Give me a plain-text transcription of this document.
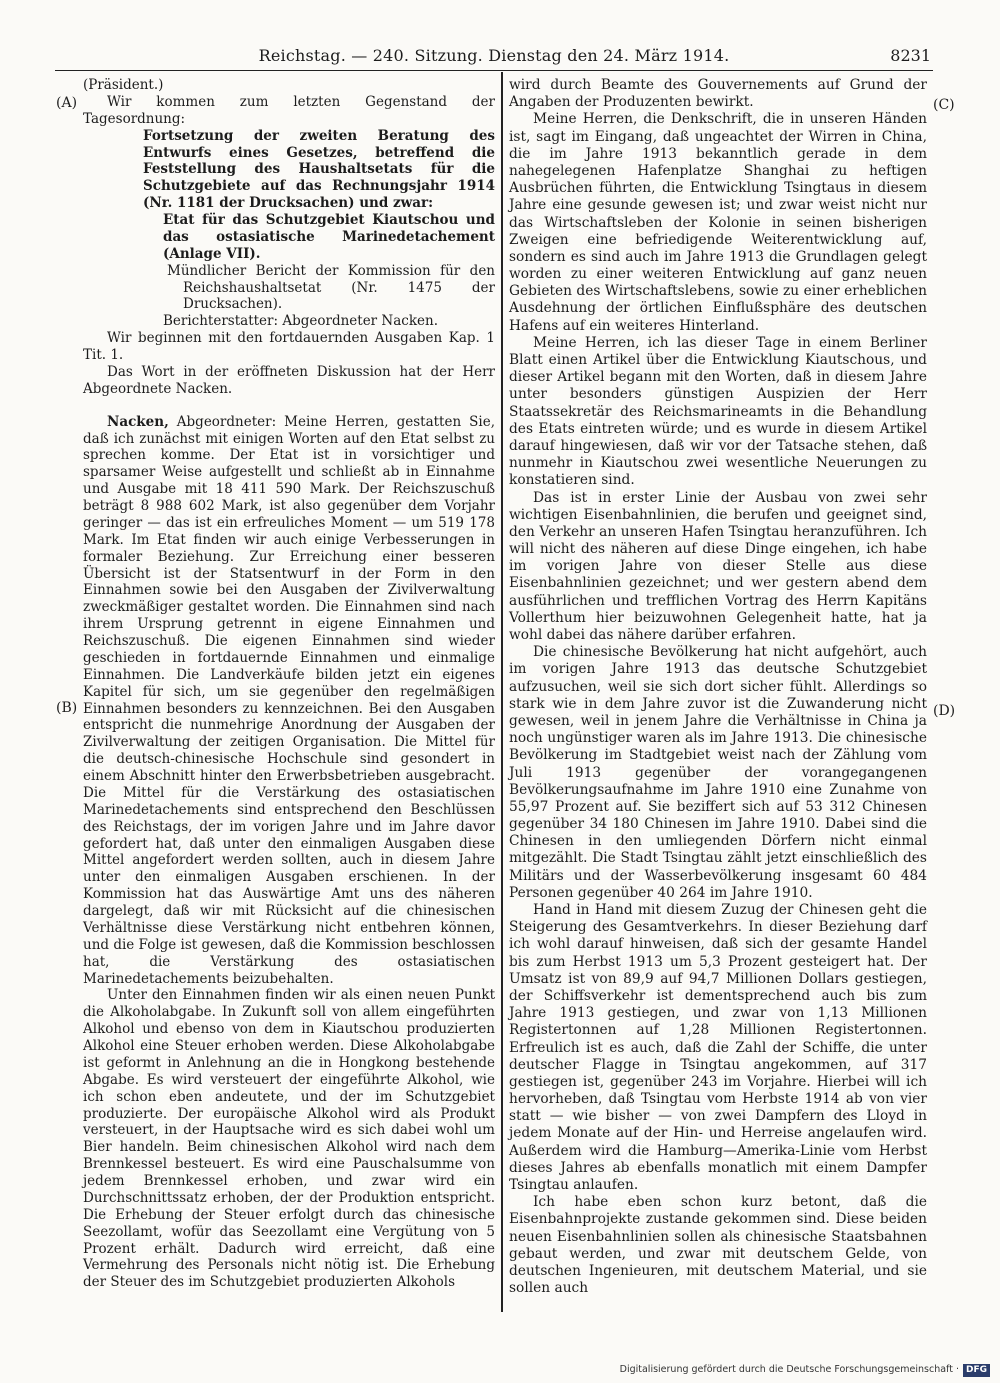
Reichstag. — 240. Sitzung. Dienstag den 24. März 1914.	8231
(A)
(B)
(C)
(D)

(Präsident.)

Wir kommen zum letzten Gegenstand der Tagesordnung:

Fortsetzung der zweiten Beratung des Entwurfs eines Gesetzes, betreffend die Feststellung des Haushaltsetats für die Schutzgebiete auf das Rechnungsjahr 1914 (Nr. 1181 der Drucksachen) und zwar:

Etat für das Schutzgebiet Kiautschou und das ostasiatische Marinedetachement (Anlage VII).

Mündlicher Bericht der Kommission für den Reichshaushaltsetat (Nr. 1475 der Drucksachen).

Berichterstatter: Abgeordneter Nacken.

Wir beginnen mit den fortdauernden Ausgaben Kap. 1 Tit. 1.

Das Wort in der eröffneten Diskussion hat der Herr Abgeordnete Nacken.

Nacken, Abgeordneter: Meine Herren, gestatten Sie, daß ich zunächst mit einigen Worten auf den Etat selbst zu sprechen komme. Der Etat ist in vorsichtiger und sparsamer Weise aufgestellt und schließt ab in Einnahme und Ausgabe mit 18 411 590 Mark. Der Reichszuschuß beträgt 8 988 602 Mark, ist also gegenüber dem Vorjahr geringer — das ist ein erfreuliches Moment — um 519 178 Mark. Im Etat finden wir auch einige Verbesserungen in formaler Beziehung. Zur Erreichung einer besseren Übersicht ist der Statsentwurf in der Form in den Einnahmen sowie bei den Ausgaben der Zivilverwaltung zweckmäßiger gestaltet worden. Die Einnahmen sind nach ihrem Ursprung getrennt in eigene Einnahmen und Reichszuschuß. Die eigenen Einnahmen sind wieder geschieden in fortdauernde Einnahmen und einmalige Einnahmen. Die Landverkäufe bilden jetzt ein eigenes Kapitel für sich, um sie gegenüber den regelmäßigen Einnahmen besonders zu kennzeichnen. Bei den Ausgaben entspricht die nunmehrige Anordnung der Ausgaben der Zivilverwaltung der zeitigen Organisation. Die Mittel für die deutsch-chinesische Hochschule sind gesondert in einem Abschnitt hinter den Erwerbsbetrieben ausgebracht. Die Mittel für die Verstärkung des ostasiatischen Marinedetachements sind entsprechend den Beschlüssen des Reichstags, der im vorigen Jahre und im Jahre davor gefordert hat, daß unter den einmaligen Ausgaben diese Mittel angefordert werden sollten, auch in diesem Jahre unter den einmaligen Ausgaben erschienen. In der Kommission hat das Auswärtige Amt uns des näheren dargelegt, daß wir mit Rücksicht auf die chinesischen Verhältnisse diese Verstärkung nicht entbehren können, und die Folge ist gewesen, daß die Kommission beschlossen hat, die Verstärkung des ostasiatischen Marinedetachements beizubehalten.

Unter den Einnahmen finden wir als einen neuen Punkt die Alkoholabgabe. In Zukunft soll von allem eingeführten Alkohol und ebenso von dem in Kiautschou produzierten Alkohol eine Steuer erhoben werden. Diese Alkoholabgabe ist geformt in Anlehnung an die in Hongkong bestehende Abgabe. Es wird versteuert der eingeführte Alkohol, wie ich schon eben andeutete, und der im Schutzgebiet produzierte. Der europäische Alkohol wird als Produkt versteuert, in der Hauptsache wird es sich dabei wohl um Bier handeln. Beim chinesischen Alkohol wird nach dem Brennkessel besteuert. Es wird eine Pauschalsumme von jedem Brennkessel erhoben, und zwar wird ein Durchschnittssatz erhoben, der der Produktion entspricht. Die Erhebung der Steuer erfolgt durch das chinesische Seezollamt, wofür das Seezollamt eine Vergütung von 5 Prozent erhält. Dadurch wird erreicht, daß eine Vermehrung des Personals nicht nötig ist. Die Erhebung der Steuer des im Schutzgebiet produzierten Alkohols

wird durch Beamte des Gouvernements auf Grund der Angaben der Produzenten bewirkt.

Meine Herren, die Denkschrift, die in unseren Händen ist, sagt im Eingang, daß ungeachtet der Wirren in China, die im Jahre 1913 bekanntlich gerade in dem nahegelegenen Hafenplatze Shanghai zu heftigen Ausbrüchen führten, die Entwicklung Tsingtaus in diesem Jahre eine gesunde gewesen ist; und zwar weist nicht nur das Wirtschaftsleben der Kolonie in seinen bisherigen Zweigen eine befriedigende Weiterentwicklung auf, sondern es sind auch im Jahre 1913 die Grundlagen gelegt worden zu einer weiteren Entwicklung auf ganz neuen Gebieten des Wirtschaftslebens, sowie zu einer erheblichen Ausdehnung der örtlichen Einflußsphäre des deutschen Hafens auf ein weiteres Hinterland.

Meine Herren, ich las dieser Tage in einem Berliner Blatt einen Artikel über die Entwicklung Kiautschous, und dieser Artikel begann mit den Worten, daß in diesem Jahre unter besonders günstigen Auspizien der Herr Staatssekretär des Reichsmarineamts in die Behandlung des Etats eintreten würde; und es wurde in diesem Artikel darauf hingewiesen, daß wir vor der Tatsache stehen, daß nunmehr in Kiautschou zwei wesentliche Neuerungen zu konstatieren sind.

Das ist in erster Linie der Ausbau von zwei sehr wichtigen Eisenbahnlinien, die berufen und geeignet sind, den Verkehr an unseren Hafen Tsingtau heranzuführen. Ich will nicht des näheren auf diese Dinge eingehen, ich habe im vorigen Jahre von dieser Stelle aus diese Eisenbahnlinien gezeichnet; und wer gestern abend dem ausführlichen und trefflichen Vortrag des Herrn Kapitäns Vollerthum hier beizuwohnen Gelegenheit hatte, hat ja wohl dabei das nähere darüber erfahren.

Die chinesische Bevölkerung hat nicht aufgehört, auch im vorigen Jahre 1913 das deutsche Schutzgebiet aufzusuchen, weil sie sich dort sicher fühlt. Allerdings so stark wie in dem Jahre zuvor ist die Zuwanderung nicht gewesen, weil in jenem Jahre die Verhältnisse in China ja noch ungünstiger waren als im Jahre 1913. Die chinesische Bevölkerung im Stadtgebiet weist nach der Zählung vom Juli 1913 gegenüber der vorangegangenen Bevölkerungsaufnahme im Jahre 1910 eine Zunahme von 55,97 Prozent auf. Sie beziffert sich auf 53 312 Chinesen gegenüber 34 180 Chinesen im Jahre 1910. Dabei sind die Chinesen in den umliegenden Dörfern nicht einmal mitgezählt. Die Stadt Tsingtau zählt jetzt einschließlich des Militärs und der Wasserbevölkerung insgesamt 60 484 Personen gegenüber 40 264 im Jahre 1910.

Hand in Hand mit diesem Zuzug der Chinesen geht die Steigerung des Gesamtverkehrs. In dieser Beziehung darf ich wohl darauf hinweisen, daß sich der gesamte Handel bis zum Herbst 1913 um 5,3 Prozent gesteigert hat. Der Umsatz ist von 89,9 auf 94,7 Millionen Dollars gestiegen, der Schiffsverkehr ist dementsprechend auch bis zum Jahre 1913 gestiegen, und zwar von 1,13 Millionen Registertonnen auf 1,28 Millionen Registertonnen. Erfreulich ist es auch, daß die Zahl der Schiffe, die unter deutscher Flagge in Tsingtau angekommen, auf 317 gestiegen ist, gegenüber 243 im Vorjahre. Hierbei will ich hervorheben, daß Tsingtau vom Herbste 1914 ab von vier statt — wie bisher — von zwei Dampfern des Lloyd in jedem Monate auf der Hin- und Herreise angelaufen wird. Außerdem wird die Hamburg—Amerika-Linie vom Herbst dieses Jahres ab ebenfalls monatlich mit einem Dampfer Tsingtau anlaufen.

Ich habe eben schon kurz betont, daß die Eisenbahnprojekte zustande gekommen sind. Diese beiden neuen Eisenbahnlinien sollen als chinesische Staatsbahnen gebaut werden, und zwar mit deutschem Gelde, von deutschen Ingenieuren, mit deutschem Material, und sie sollen auch

Digitalisierung gefördert durch die Deutsche Forschungsgemeinschaft · DFG
